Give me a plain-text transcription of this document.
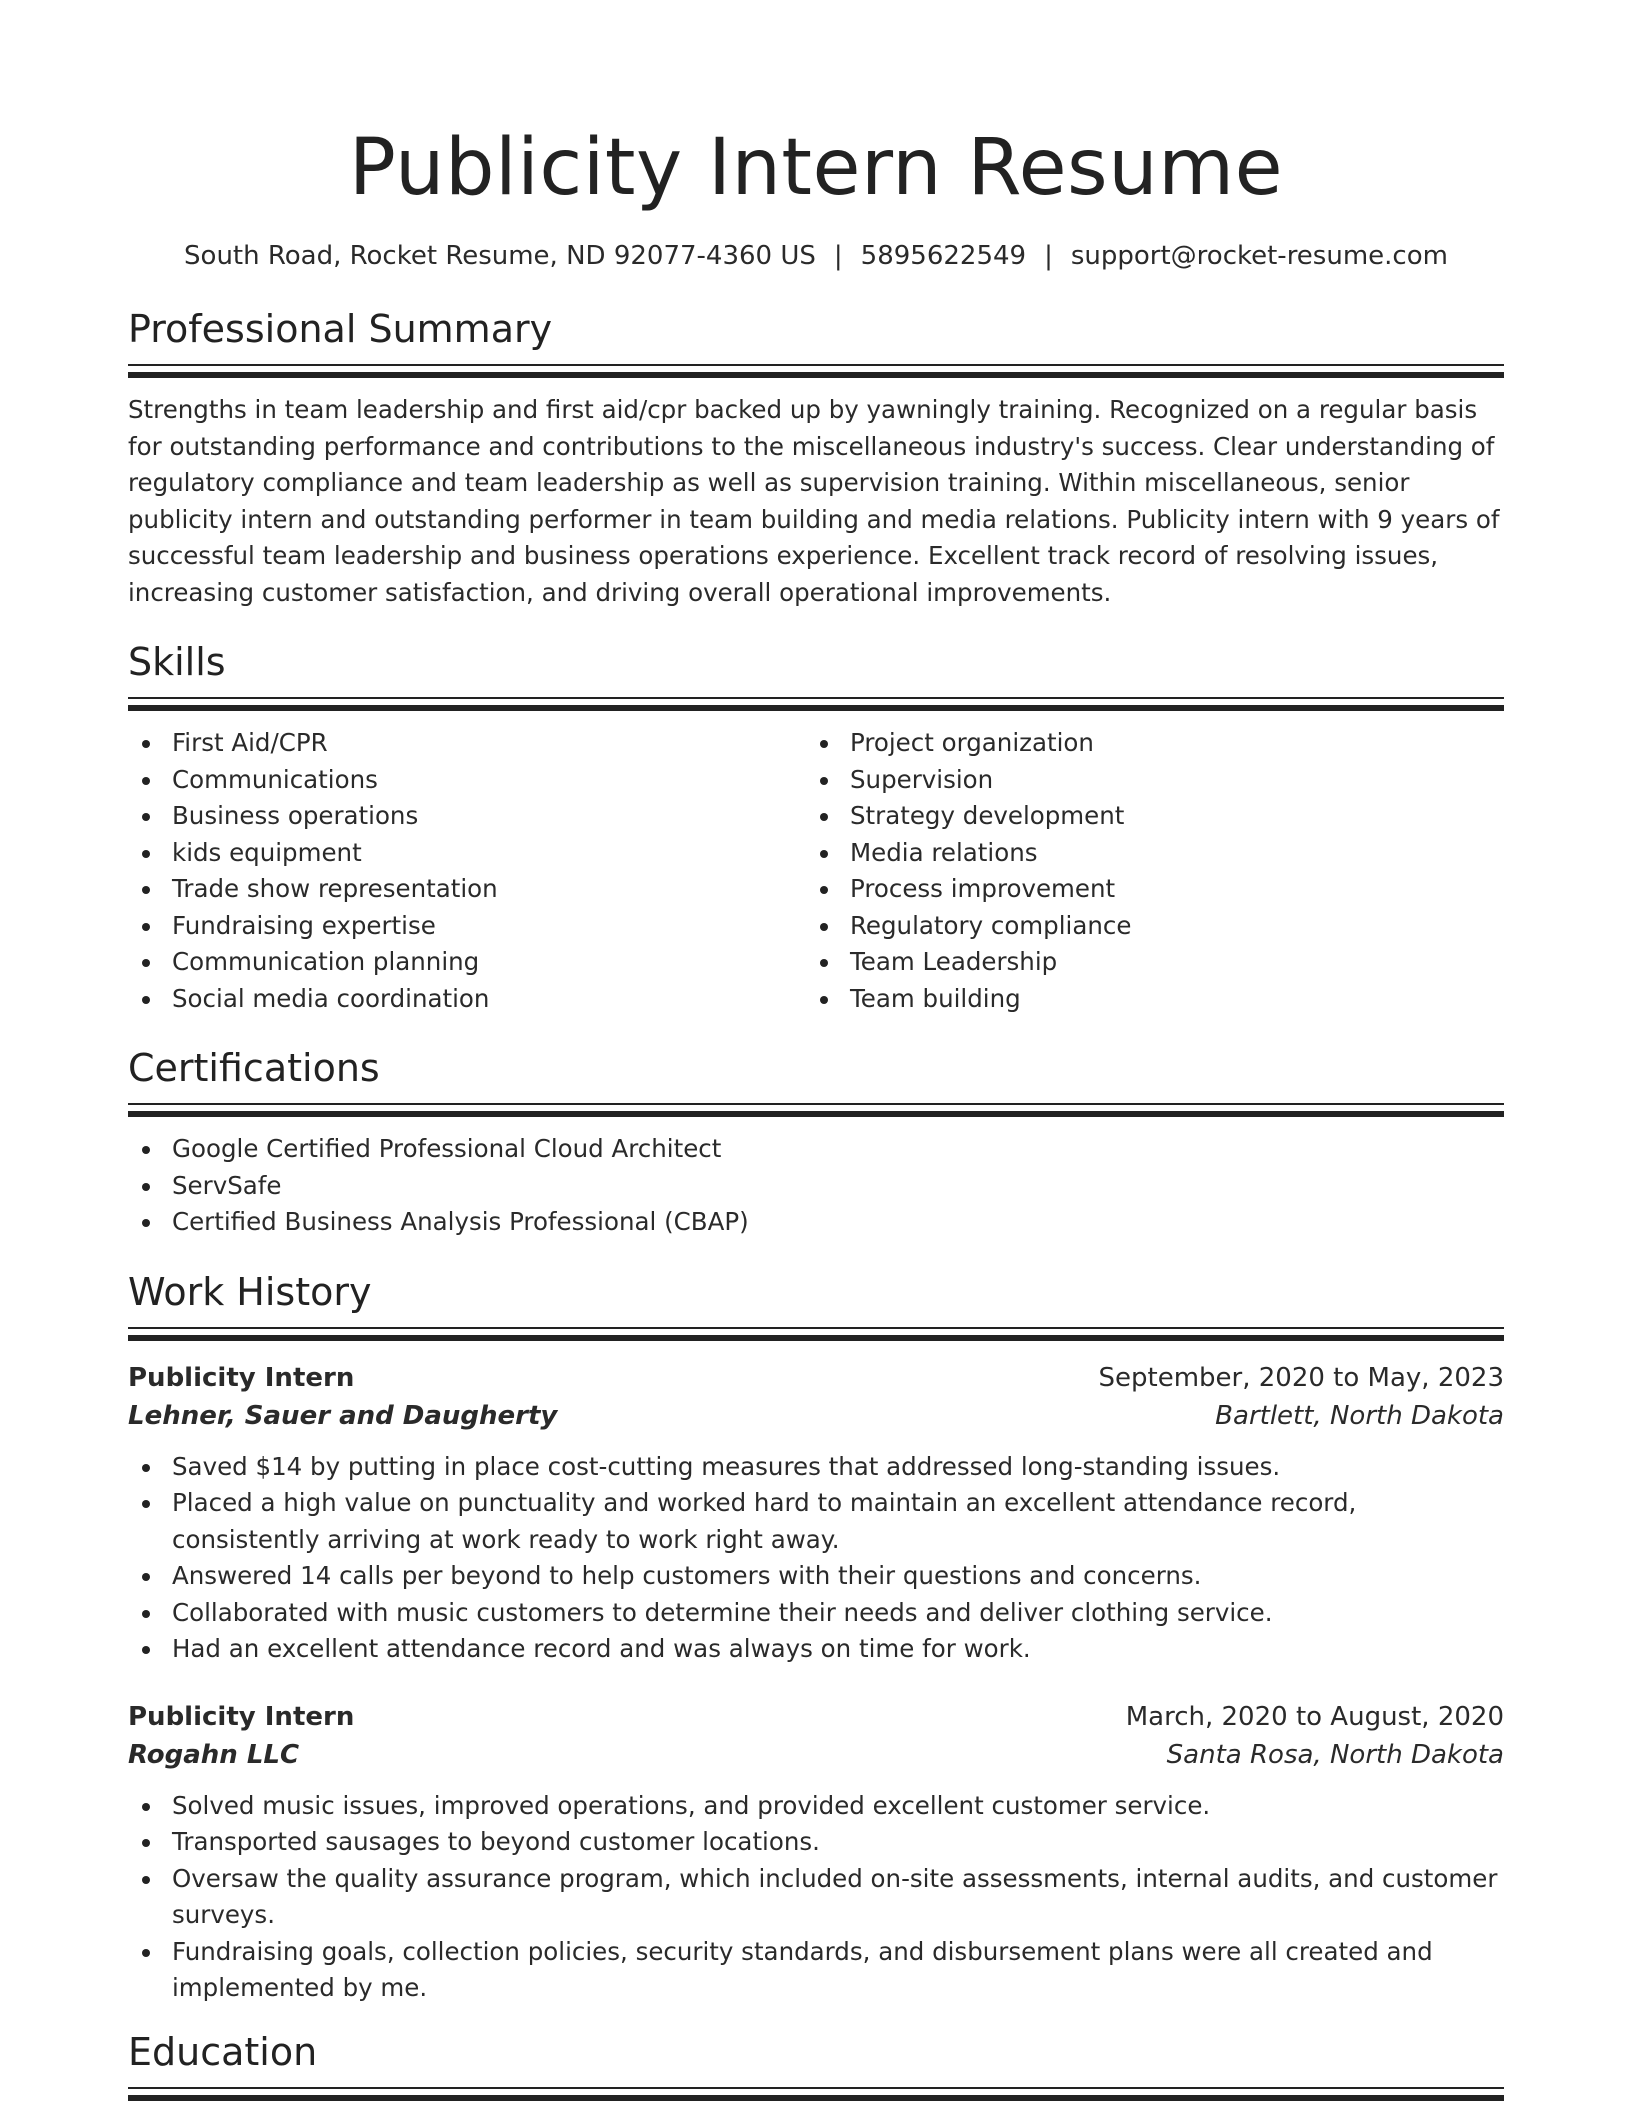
Publicity Intern Resume
South Road, Rocket Resume, ND 92077-4360 US | 5895622549 | support@rocket-resume.com
Professional Summary

Strengths in team leadership and first aid/cpr backed up by yawningly training. Recognized on a regular basis for outstanding performance and contributions to the miscellaneous industry's success. Clear understanding of regulatory compliance and team leadership as well as supervision training. Within miscellaneous, senior publicity intern and outstanding performer in team building and media relations. Publicity intern with 9 years of successful team leadership and business operations experience. Excellent track record of resolving issues, increasing customer satisfaction, and driving overall operational improvements.

Skills
First Aid/CPR
Communications
Business operations
kids equipment
Trade show representation
Fundraising expertise
Communication planning
Social media coordination
Project organization
Supervision
Strategy development
Media relations
Process improvement
Regulatory compliance
Team Leadership
Team building
Certifications
Google Certified Professional Cloud Architect
ServSafe
Certified Business Analysis Professional (CBAP)
Work History
Publicity Intern	September, 2020 to May, 2023
Lehner, Sauer and Daugherty	Bartlett, North Dakota
Saved $14 by putting in place cost-cutting measures that addressed long-standing issues.
Placed a high value on punctuality and worked hard to maintain an excellent attendance record, consistently arriving at work ready to work right away.
Answered 14 calls per beyond to help customers with their questions and concerns.
Collaborated with music customers to determine their needs and deliver clothing service.
Had an excellent attendance record and was always on time for work.
Publicity Intern	March, 2020 to August, 2020
Rogahn LLC	Santa Rosa, North Dakota
Solved music issues, improved operations, and provided excellent customer service.
Transported sausages to beyond customer locations.
Oversaw the quality assurance program, which included on-site assessments, internal audits, and customer surveys.
Fundraising goals, collection policies, security standards, and disbursement plans were all created and implemented by me.
Education
